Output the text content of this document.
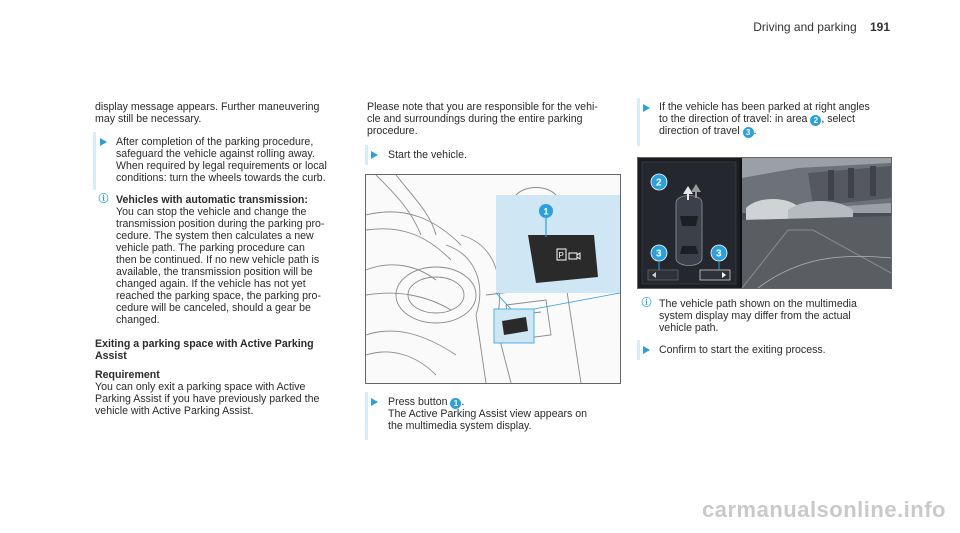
Driving and parking 191
display message appears. Further maneuvering
may still be necessary.
After completion of the parking procedure,
safeguard the vehicle against rolling away.
When required by legal requirements or local
conditions: turn the wheels towards the curb.
ⓘ Vehicles with automatic transmission:
You can stop the vehicle and change the
transmission position during the parking pro-
cedure. The system then calculates a new
vehicle path. The parking procedure can
then be continued. If no new vehicle path is
available, the transmission position will be
changed again. If the vehicle has not yet
reached the parking space, the parking pro-
cedure will be canceled, should a gear be
changed.
Exiting a parking space with Active Parking
Assist
Requirement
You can only exit a parking space with Active
Parking Assist if you have previously parked the
vehicle with Active Parking Assist.
Please note that you are responsible for the vehi-
cle and surroundings during the entire parking
procedure.
Start the vehicle.
P
1
Press button 1 .
The Active Parking Assist view appears on
the multimedia system display.
If the vehicle has been parked at right angles
to the direction of travel: in area 2 , select
direction of travel 3 .
2
3	3
ⓘ The vehicle path shown on the multimedia
system display may differ from the actual
vehicle path.
Confirm to start the exiting process.
carmanualsonline.info
